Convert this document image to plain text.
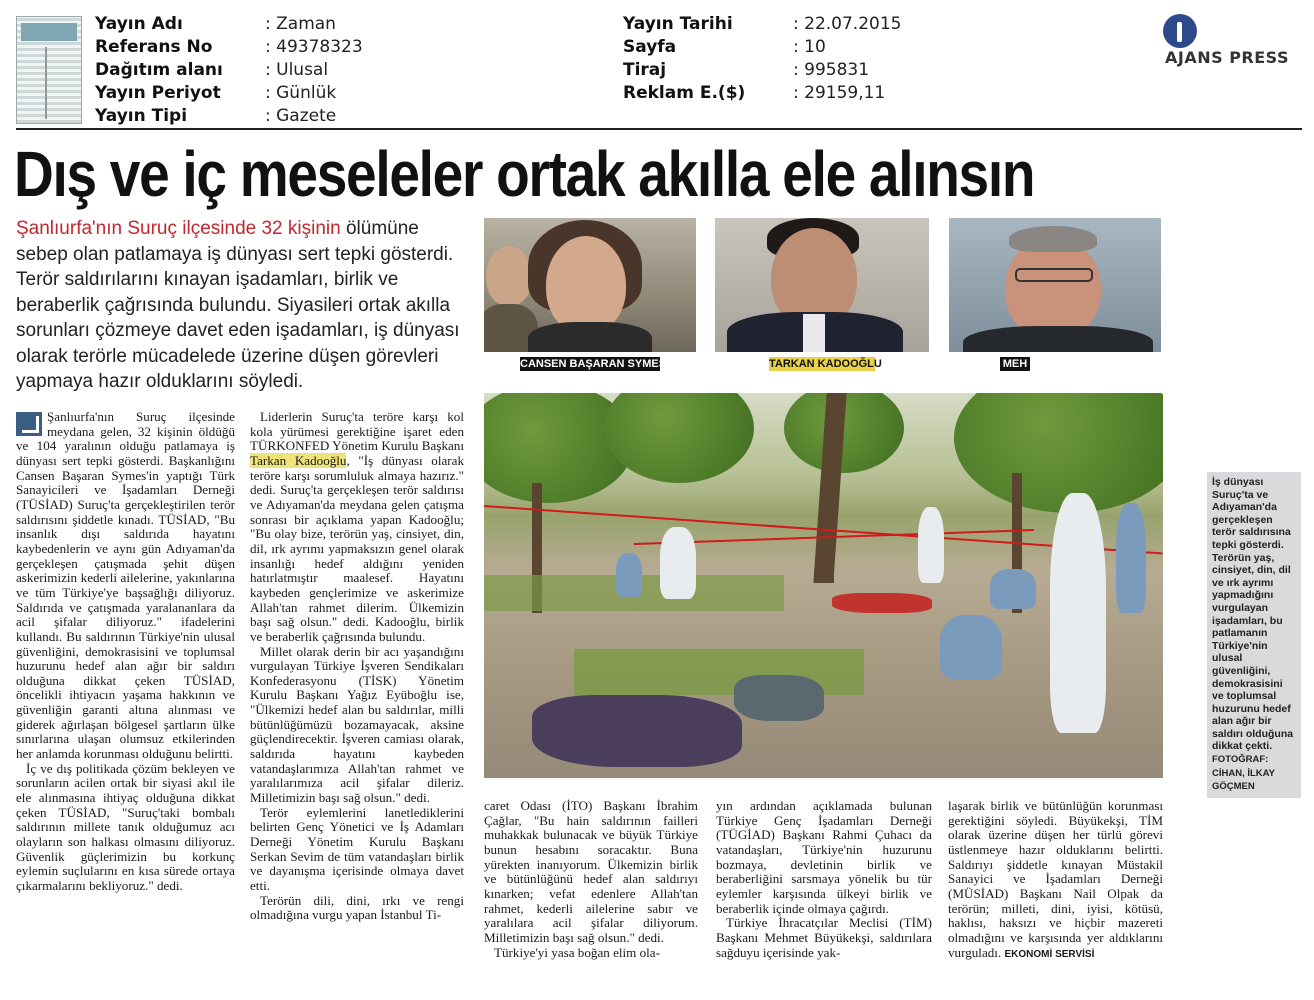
Yayın Adı	: Zaman
Referans No	: 49378323
Dağıtım alanı	: Ulusal
Yayın Periyot	: Günlük
Yayın Tipi	: Gazete
Yayın Tarihi	: 22.07.2015
Sayfa	: 10
Tiraj	: 995831
Reklam E.($)	: 29159,11
AJANS PRESS
Dış ve iç meseleler ortak akılla ele alınsın
Şanlıurfa'nın Suruç ilçesinde 32 kişinin ölümüne sebep olan patlamaya iş dünyası sert tepki gösterdi. Terör saldırılarını kınayan işadamları, birlik ve beraberlik çağrısında bulundu. Siyasileri ortak akılla sorunları çözmeye davet eden işadamları, iş dünyası olarak terörle mücadelede üzerine düşen görevleri yapmaya hazır olduklarını söyledi.
CANSEN BAŞARAN SYMES	TARKAN KADOOĞLU	MEH
İş dünyası Suruç'ta ve Adıyaman'da gerçekleşen terör saldırısına tepki gösterdi. Terörün yaş, cinsiyet, din, dil ve ırk ayrımı yapmadığını vurgulayan işadamları, bu patlamanın Türkiye'nin ulusal güvenliğini, demokrasisini ve toplumsal huzurunu hedef alan ağır bir saldırı olduğuna dikkat çekti. FOTOĞRAF: CİHAN, İLKAY GÖÇMEN

Şanlıurfa'nın Suruç ilçesinde meydana gelen, 32 kişinin öldüğü ve 104 yaralının olduğu patlamaya iş dünyası sert tepki gösterdi. Başkanlığını Cansen Başaran Symes'in yaptığı Türk Sanayicileri ve İşadamları Derneği (TÜSİAD) Suruç'ta gerçekleştirilen terör saldırısını şiddetle kınadı. TÜSİAD, "Bu insanlık dışı saldırıda hayatını kaybedenlerin ve aynı gün Adıyaman'da gerçekleşen çatışmada şehit düşen askerimizin kederli ailelerine, yakınlarına ve tüm Türkiye'ye başsağlığı diliyoruz. Saldırıda ve çatışmada yaralananlara da acil şifalar diliyoruz." ifadelerini kullandı. Bu saldırının Türkiye'nin ulusal güvenliğini, demokrasisini ve toplumsal huzurunu hedef alan ağır bir saldırı olduğuna dikkat çeken TÜSİAD, öncelikli ihtiyacın yaşama hakkının ve güvenliğin garanti altına alınması ve giderek ağırlaşan bölgesel şartların ülke sınırlarına ulaşan olumsuz etkilerinden her anlamda korunması olduğunu belirtti.

İç ve dış politikada çözüm bekleyen ve sorunların acilen ortak bir siyasi akıl ile ele alınmasına ihtiyaç olduğuna dikkat çeken TÜSİAD, "Suruç'taki bombalı saldırının millete tanık olduğumuz acı olayların son halkası olmasını diliyoruz. Güvenlik güçlerimizin bu korkunç eylemin suçlularını en kısa sürede ortaya çıkarmalarını bekliyoruz." dedi.

Liderlerin Suruç'ta teröre karşı kol kola yürümesi gerektiğine işaret eden TÜRKONFED Yönetim Kurulu Başkanı Tarkan Kadooğlu, "İş dünyası olarak teröre karşı sorumluluk almaya hazırız." dedi. Suruç'ta gerçekleşen terör saldırısı ve Adıyaman'da meydana gelen çatışma sonrası bir açıklama yapan Kadooğlu; "Bu olay bize, terörün yaş, cinsiyet, din, dil, ırk ayrımı yapmaksızın genel olarak insanlığı hedef aldığını yeniden hatırlatmıştır maalesef. Hayatını kaybeden gençlerimize ve askerimize Allah'tan rahmet dilerim. Ülkemizin başı sağ olsun." dedi. Kadooğlu, birlik ve beraberlik çağrısında bulundu.

Millet olarak derin bir acı yaşandığını vurgulayan Türkiye İşveren Sendikaları Konfederasyonu (TİSK) Yönetim Kurulu Başkanı Yağız Eyüboğlu ise, "Ülkemizi hedef alan bu saldırılar, milli bütünlüğümüzü bozamayacak, aksine güçlendirecektir. İşveren camiası olarak, saldırıda hayatını kaybeden vatandaşlarımıza Allah'tan rahmet ve yaralılarımıza acil şifalar dileriz. Milletimizin başı sağ olsun." dedi.

Terör eylemlerini lanetlediklerini belirten Genç Yönetici ve İş Adamları Derneği Yönetim Kurulu Başkanı Serkan Sevim de tüm vatandaşları birlik ve dayanışma içerisinde olmaya davet etti.

Terörün dili, dini, ırkı ve rengi olmadığına vurgu yapan İstanbul Ti-

caret Odası (İTO) Başkanı İbrahim Çağlar, "Bu hain saldırının failleri muhakkak bulunacak ve büyük Türkiye bunun hesabını soracaktır. Buna yürekten inanıyorum. Ülkemizin birlik ve bütünlüğünü hedef alan saldırıyı kınarken; vefat edenlere Allah'tan rahmet, kederli ailelerine sabır ve yaralılara acil şifalar diliyorum. Milletimizin başı sağ olsun." dedi.

Türkiye'yi yasa boğan elim ola-

yın ardından açıklamada bulunan Türkiye Genç İşadamları Derneği (TÜGİAD) Başkanı Rahmi Çuhacı da vatandaşları, Türkiye'nin huzurunu bozmaya, devletinin birlik ve beraberliğini sarsmaya yönelik bu tür eylemler karşısında ülkeyi birlik ve beraberlik içinde olmaya çağırdı.

Türkiye İhracatçılar Meclisi (TİM) Başkanı Mehmet Büyükekşi, saldırılara sağduyu içerisinde yak-

laşarak birlik ve bütünlüğün korunması gerektiğini söyledi. Büyükekşi, TİM olarak üzerine düşen her türlü görevi üstlenmeye hazır olduklarını belirtti. Saldırıyı şiddetle kınayan Müstakil Sanayici ve İşadamları Derneği (MÜSİAD) Başkanı Nail Olpak da terörün; milleti, dini, iyisi, kötüsü, haklısı, haksızı ve hiçbir mazereti olmadığını ve karşısında yer aldıklarını vurguladı. EKONOMİ SERVİSİ
